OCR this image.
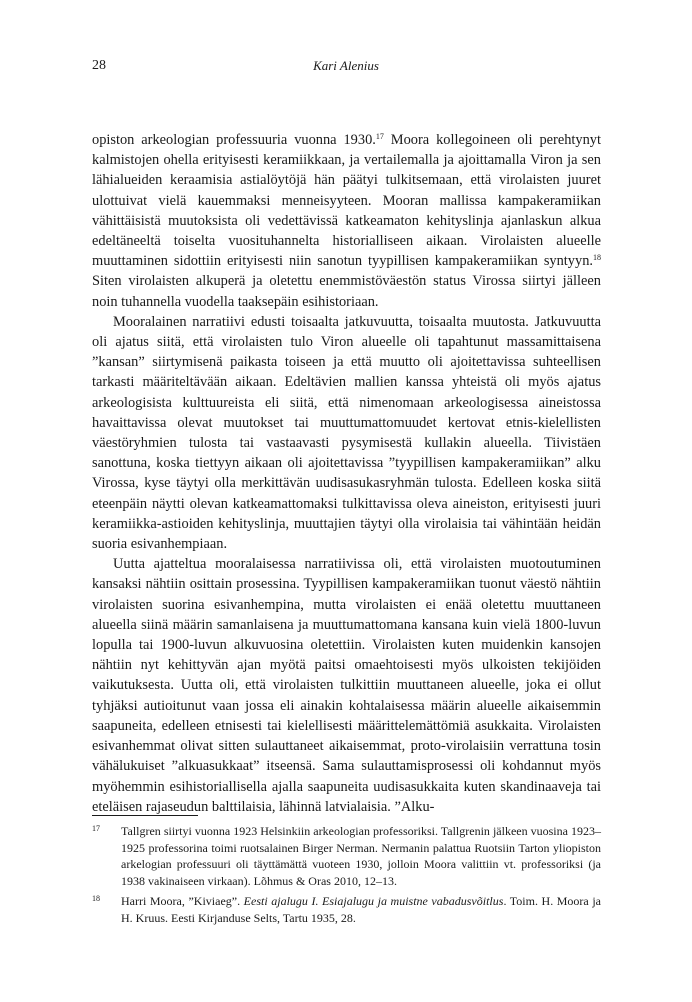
28	Kari Alenius

opiston arkeologian professuuria vuonna 1930.17 Moora kollegoineen oli perehtynyt kalmistojen ohella erityisesti keramiikkaan, ja vertailemalla ja ajoittamalla Viron ja sen lähialueiden keraamisia astialöytöjä hän päätyi tulkitsemaan, että virolaisten juuret ulottuivat vielä kauemmaksi menneisyyteen. Mooran mallissa kampakeramiikan vähittäisistä muutoksista oli vedettävissä katkeamaton kehityslinja ajanlaskun alkua edeltäneeltä toiselta vuosituhannelta historialliseen aikaan. Virolaisten alueelle muuttaminen sidottiin erityisesti niin sanotun tyypillisen kampakeramiikan syntyyn.$^{18}$ Siten virolaisten alkuperä ja oletettu enemmistöväestön status Virossa siirtyi jälleen noin tuhannella vuodella taaksepäin esihistoriaan.

Mooralainen narratiivi edusti toisaalta jatkuvuutta, toisaalta muutosta. Jatkuvuutta oli ajatus siitä, että virolaisten tulo Viron alueelle oli tapahtunut massamittaisena ”kansan” siirtymisenä paikasta toiseen ja että muutto oli ajoitettavissa suhteellisen tarkasti määriteltävään aikaan. Edeltävien mallien kanssa yhteistä oli myös ajatus arkeologisista kulttuureista eli siitä, että nimenomaan arkeologisessa aineistossa havaittavissa olevat muutokset tai muuttumattomuudet kertovat etnis-kielellisten väestöryhmien tulosta tai vastaavasti pysymisestä kullakin alueella. Tiivistäen sanottuna, koska tiettyyn aikaan oli ajoitettavissa ”tyypillisen kampakeramiikan” alku Virossa, kyse täytyi olla merkittävän uudisasukasryhmän tulosta. Edelleen koska siitä eteenpäin näytti olevan katkeamattomaksi tulkittavissa oleva aineiston, erityisesti juuri keramiikka-astioiden kehityslinja, muuttajien täytyi olla virolaisia tai vähintään heidän suoria esivanhempiaan.

Uutta ajatteltua mooralaisessa narratiivissa oli, että virolaisten muotoutuminen kansaksi nähtiin osittain prosessina. Tyypillisen kampakeramiikan tuonut väestö nähtiin virolaisten suorina esivanhempina, mutta virolaisten ei enää oletettu muuttaneen alueella siinä määrin samanlaisena ja muuttumattomana kansana kuin vielä 1800-luvun lopulla tai 1900-luvun alkuvuosina oletettiin. Virolaisten kuten muidenkin kansojen nähtiin nyt kehittyvän ajan myötä paitsi omaehtoisesti myös ulkoisten tekijöiden vaikutuksesta. Uutta oli, että virolaisten tulkittiin muuttaneen alueelle, joka ei ollut tyhjäksi autioitunut vaan jossa eli ainakin kohtalaisessa määrin alueelle aikaisemmin saapuneita, edelleen etnisesti tai kielellisesti määrittelemättömiä asukkaita. Virolaisten esivanhemmat olivat sitten sulauttaneet aikaisemmat, proto-virolaisiin verrattuna tosin vähälukuiset ”alkuasukkaat” itseensä. Sama sulauttamisprosessi oli kohdannut myös myöhemmin esihistoriallisella ajalla saapuneita uudisasukkaita kuten skandinaaveja tai eteläisen rajaseudun balttilaisia, lähinnä latvialaisia. ”Alku-

17 Tallgren siirtyi vuonna 1923 Helsinkiin arkeologian professoriksi. Tallgrenin jälkeen vuosina 1923–1925 professorina toimi ruotsalainen Birger Nerman. Nermanin palattua Ruotsiin Tarton yliopiston arkelogian professuuri oli täyttämättä vuoteen 1930, jolloin Moora valittiin vt. professoriksi (ja 1938 vakinaiseen virkaan). Lõhmus & Oras 2010, 12–13.
18 Harri Moora, ”Kiviaeg”. Eesti ajalugu I. Esiajalugu ja muistne vabadusvõitlus. Toim. H. Moora ja H. Kruus. Eesti Kirjanduse Selts, Tartu 1935, 28.
